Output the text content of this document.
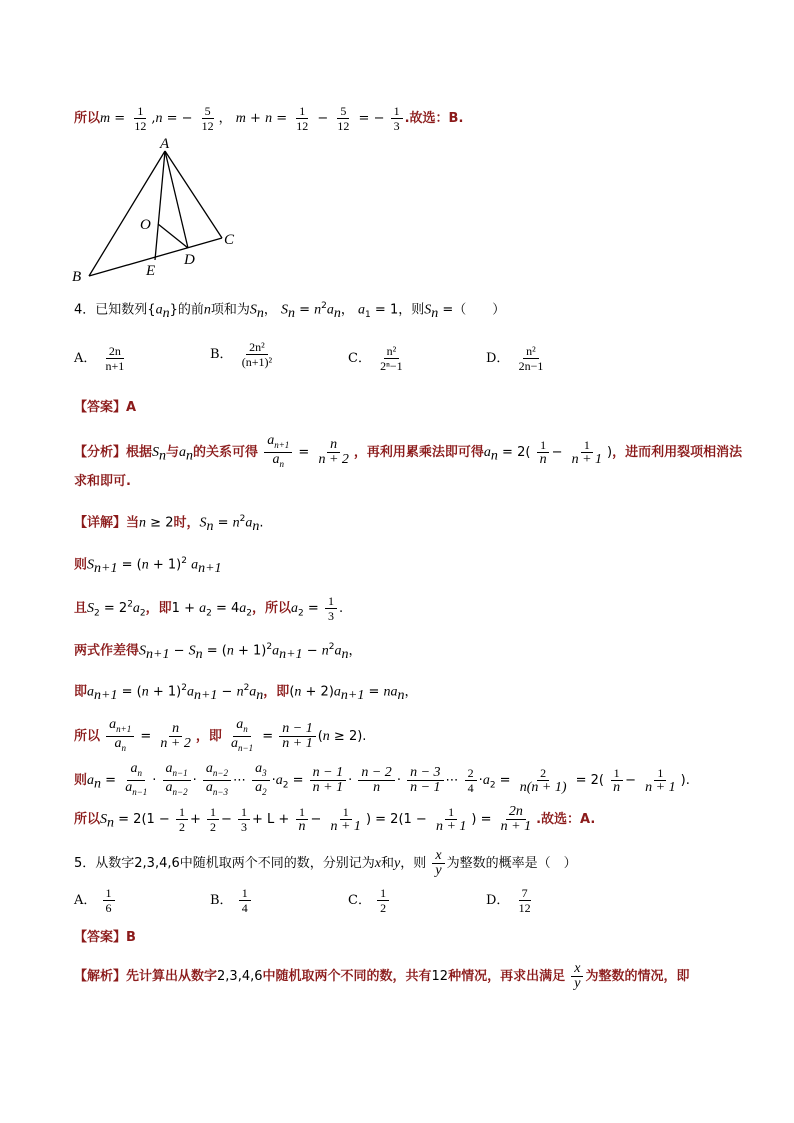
所以$m = \frac{1}{12} ,n$ = − $\frac{5}{12}$ ， $m + n = \frac{1}{12} - \frac{5}{12}$ = − $\frac{1}{3}$ .故选：B.
A
B
C
D
E
O
4．已知数列$\{a_n\}$的前n项和为$S_n$， $S_n = n^2a_n$， $a_1 = 1$，则$S_n$ =（　　）
A． $\frac{2n}{n+1}$	B． $\frac{\text{2n²}}{\text{(n+1)²}}$	C． $\frac{\text{n²}}{\text{2ⁿ−1}}$	D． $\frac{\text{n²}}{2n-1}$
【答案】A
【分析】根据$S_n$与$a_n$的关系可得 $\frac{a_{n+1}}{a_n} = \frac{n}{n + 2}$ ，再利用累乘法即可得$a_n = 2( \frac{1}{n} - \frac{1}{n + 1}$ )，进而利用裂项相消法
求和即可.
【详解】当n ≥ 2时，$S_n = n^2a_n$.
则$S_{n+1} = (n + 1)^2$ $a_{n+1}$
且$S_2 = 2^2a_2$，即$1 + a_2 = 4a_2$，所以$a_2 = \frac{1}{3}$ .
两式作差得$S_{n+1} - S_n = (n + 1)^2a_{n+1} - n^2a_n$，
即$a_{n+1} = (n + 1)^2a_{n+1} - n^2a_n$，即$(n + 2)a_{n+1} = na_n$，
所以 $\frac{a_{n+1}}{a_n} = \frac{n}{n + 2}$ ，即 $\frac{a_n}{a_{n-1}} = \frac{n - 1}{n + 1} (n \ge 2)$.
则$a_n = \frac{a_n}{a_{n-1}} \cdot \frac{a_{n-1}}{a_{n-2}} \cdot \frac{a_{n-2}}{a_{n-3}}$ ⋯ $\frac{a_3}{a_2} \cdot a_2 = \frac{n - 1}{n + 1} \cdot \frac{n - 2}{n} \cdot \frac{n - 3}{n - 1}$ ⋯ $\frac{2}{4} \cdot a_2 = \frac{2}{n(n + 1)} = 2( \frac{1}{n} - \frac{1}{n + 1}$ ).
所以$S_n = 2(1 - \frac{1}{2} + \frac{1}{2} - \frac{1}{3} + L + \frac{1}{n} - \frac{1}{n + 1}$ ) = $2(1 - \frac{1}{n + 1}$ ) = $\frac{2n}{n + 1}$ .故选：A.
5．从数字2,3,4,6中随机取两个不同的数，分别记为x和y，则 $\frac{x}{y}$ 为整数的概率是（　）
A． $\frac{1}{6}$	B． $\frac{1}{4}$	C． $\frac{1}{2}$	D． $\frac{7}{12}$
【答案】B
【解析】先计算出从数字2,3,4,6中随机取两个不同的数，共有12种情况，再求出满足 $\frac{x}{y}$ 为整数的情况，即
